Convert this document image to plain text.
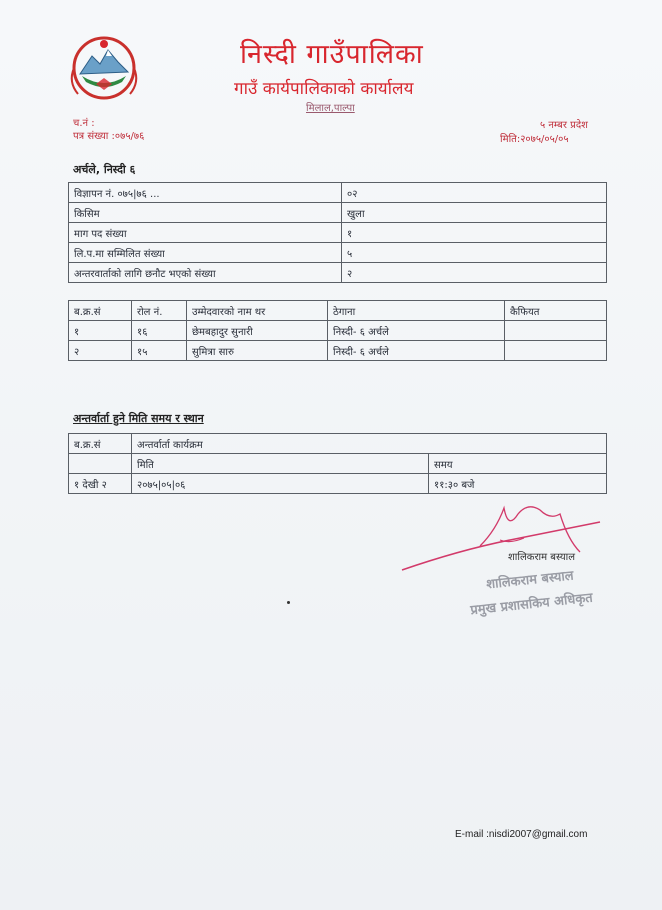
निस्दी गाउँपालिका
गाउँ कार्यपालिकाको कार्यालय
मिलाल,पाल्पा
च.नं :
पत्र संख्या :०७५/७६
५ नम्बर प्रदेश
मिति:२०७५/०५/०५
अर्चले, निस्दी ६
विज्ञापन नं. ०७५|७६ ...	०२
किसिम	खुला
माग पद संख्या	१
लि.प.मा सम्मिलित संख्या	५
अन्तरवार्ताको लागि छनौट भएको संख्या	२
ब.क्र.सं	रोल नं.	उम्मेदवारको नाम थर	ठेगाना	कैफियत
१	१६	छेमबहादुर सुनारी	निस्दी- ६ अर्चले	
२	१५	सुमित्रा सारु	निस्दी- ६ अर्चले	
अन्तर्वार्ता हुने मिति समय र स्थान
ब.क्र.सं	अन्तर्वार्ता कार्यक्रम	
	मिति	समय
१ देखी २	२०७५|०५|०६	११:३० बजे
शालिकराम बस्याल
शालिकराम बस्याल
प्रमुख प्रशासकिय अधिकृत
E-mail :nisdi2007@gmail.com
